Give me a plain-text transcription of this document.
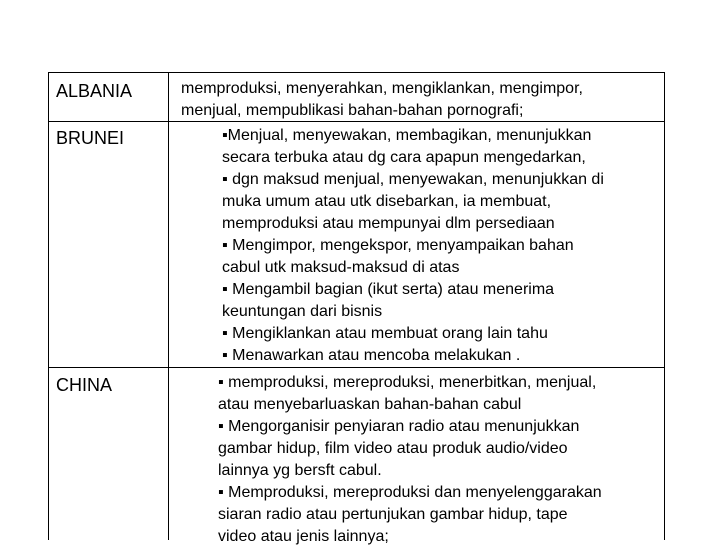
ALBANIA	memproduksi, menyerahkan, mengiklankan, mengimpor,
menjual, mempublikasi bahan-bahan pornografi;
BRUNEI	▪Menjual, menyewakan, membagikan, menunjukkan
secara terbuka atau dg cara apapun mengedarkan,
▪ dgn maksud menjual, menyewakan, menunjukkan di
muka umum atau utk disebarkan, ia membuat,
memproduksi atau mempunyai dlm persediaan
▪ Mengimpor, mengekspor, menyampaikan bahan
cabul utk maksud-maksud di atas
▪ Mengambil bagian (ikut serta) atau menerima
keuntungan dari bisnis
▪ Mengiklankan atau membuat orang lain tahu
▪ Menawarkan atau mencoba melakukan .
CHINA	▪ memproduksi, mereproduksi, menerbitkan, menjual,
atau menyebarluaskan bahan-bahan cabul
▪ Mengorganisir penyiaran radio atau menunjukkan
gambar hidup, film video atau produk audio/video
lainnya yg bersft cabul.
▪ Memproduksi, mereproduksi dan menyelenggarakan
siaran radio atau pertunjukan gambar hidup, tape
video atau jenis lainnya;
